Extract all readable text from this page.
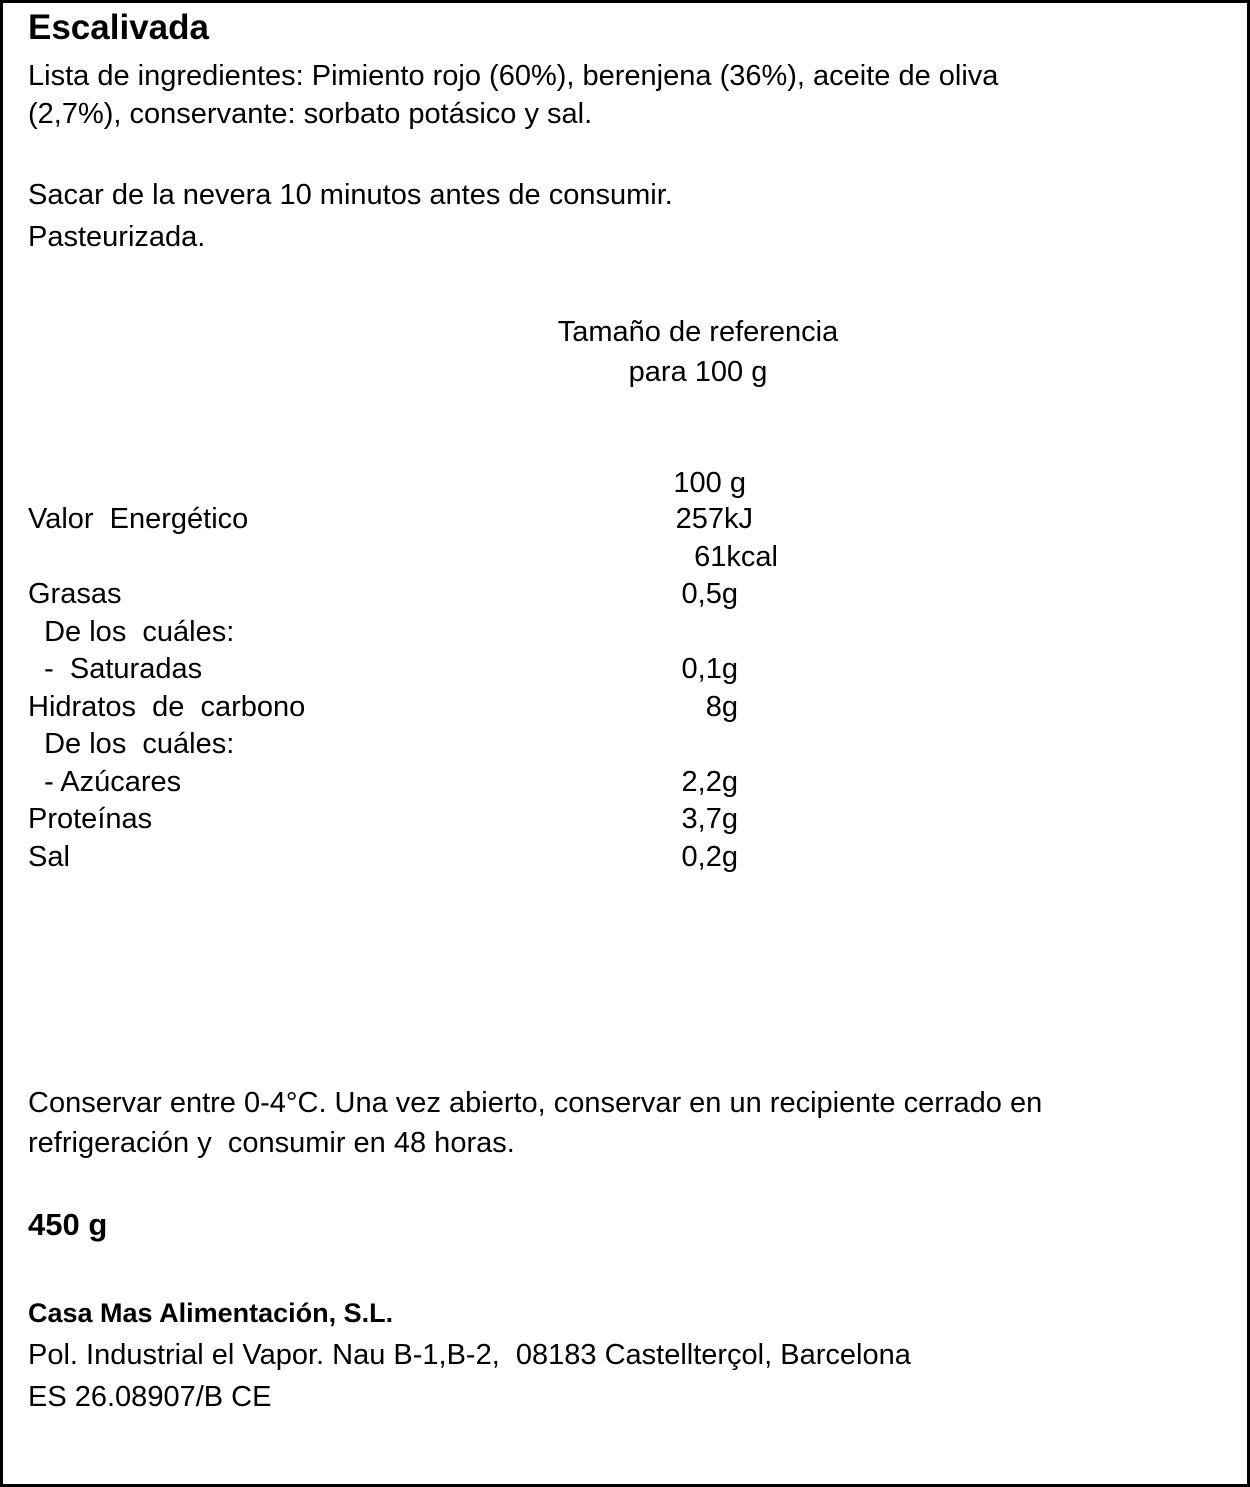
Escalivada
Lista de ingredientes: Pimiento rojo (60%), berenjena (36%), aceite de oliva
(2,7%), conservante: sorbato potásico y sal.
Sacar de la nevera 10 minutos antes de consumir.
Pasteurizada.
Tamaño de referencia
para 100 g
100 g
Valor  Energético	257kJ
61kcal
Grasas	0,5g
De los  cuáles:
-  Saturadas	0,1g
Hidratos  de  carbono	8g
De los  cuáles:
- Azúcares	2,2g
Proteínas	3,7g
Sal	0,2g
Conservar entre 0-4°C. Una vez abierto, conservar en un recipiente cerrado en
refrigeración y  consumir en 48 horas.
450 g
Casa Mas Alimentación, S.L.
Pol. Industrial el Vapor. Nau B-1,B-2,  08183 Castellterçol, Barcelona
ES 26.08907/B CE
